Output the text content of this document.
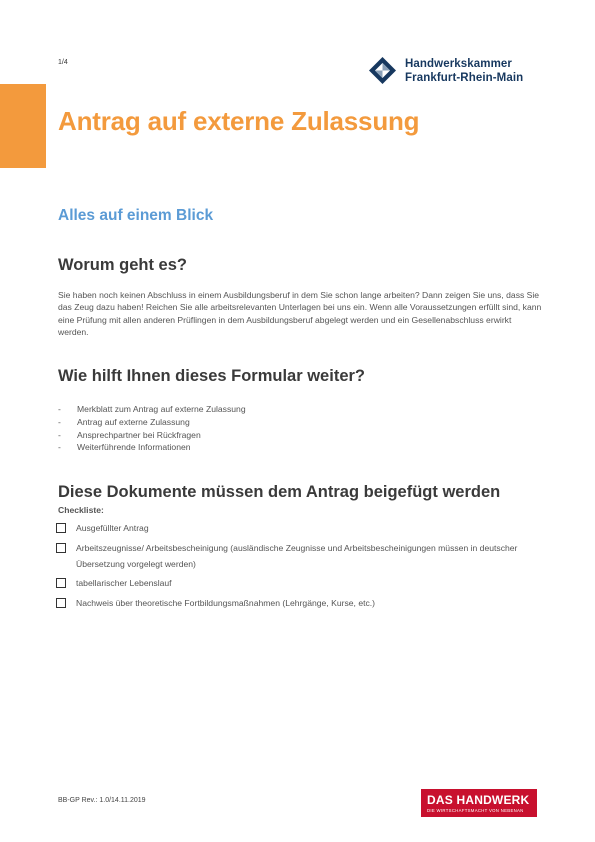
1/4	Handwerkskammer
Frankfurt-Rhein-Main
Antrag auf externe Zulassung
Alles auf einem Blick
Worum geht es?

Sie haben noch keinen Abschluss in einem Ausbildungsberuf in dem Sie schon lange arbeiten? Dann zeigen Sie uns, dass Sie das Zeug dazu haben! Reichen Sie alle arbeitsrelevanten Unterlagen bei uns ein. Wenn alle Voraussetzungen erfüllt sind, kann eine Prüfung mit allen anderen Prüflingen in dem Ausbildungsberuf abgelegt werden und ein Gesellenabschluss erwirkt werden.

Wie hilft Ihnen dieses Formular weiter?
-	Merkblatt zum Antrag auf externe Zulassung
-	Antrag auf externe Zulassung
-	Ansprechpartner bei Rückfragen
-	Weiterführende Informationen
Diese Dokumente müssen dem Antrag beigefügt werden
Checkliste:
Ausgefüllter Antrag
Arbeitszeugnisse/ Arbeitsbescheinigung (ausländische Zeugnisse und Arbeitsbescheinigungen müssen in deutscher Übersetzung vorgelegt werden)
tabellarischer Lebenslauf
Nachweis über theoretische Fortbildungsmaßnahmen (Lehrgänge, Kurse, etc.)
BB-GP Rev.: 1.0/14.11.2019	DAS HANDWERK
DIE WIRTSCHAFTSMACHT VON NEBENAN
